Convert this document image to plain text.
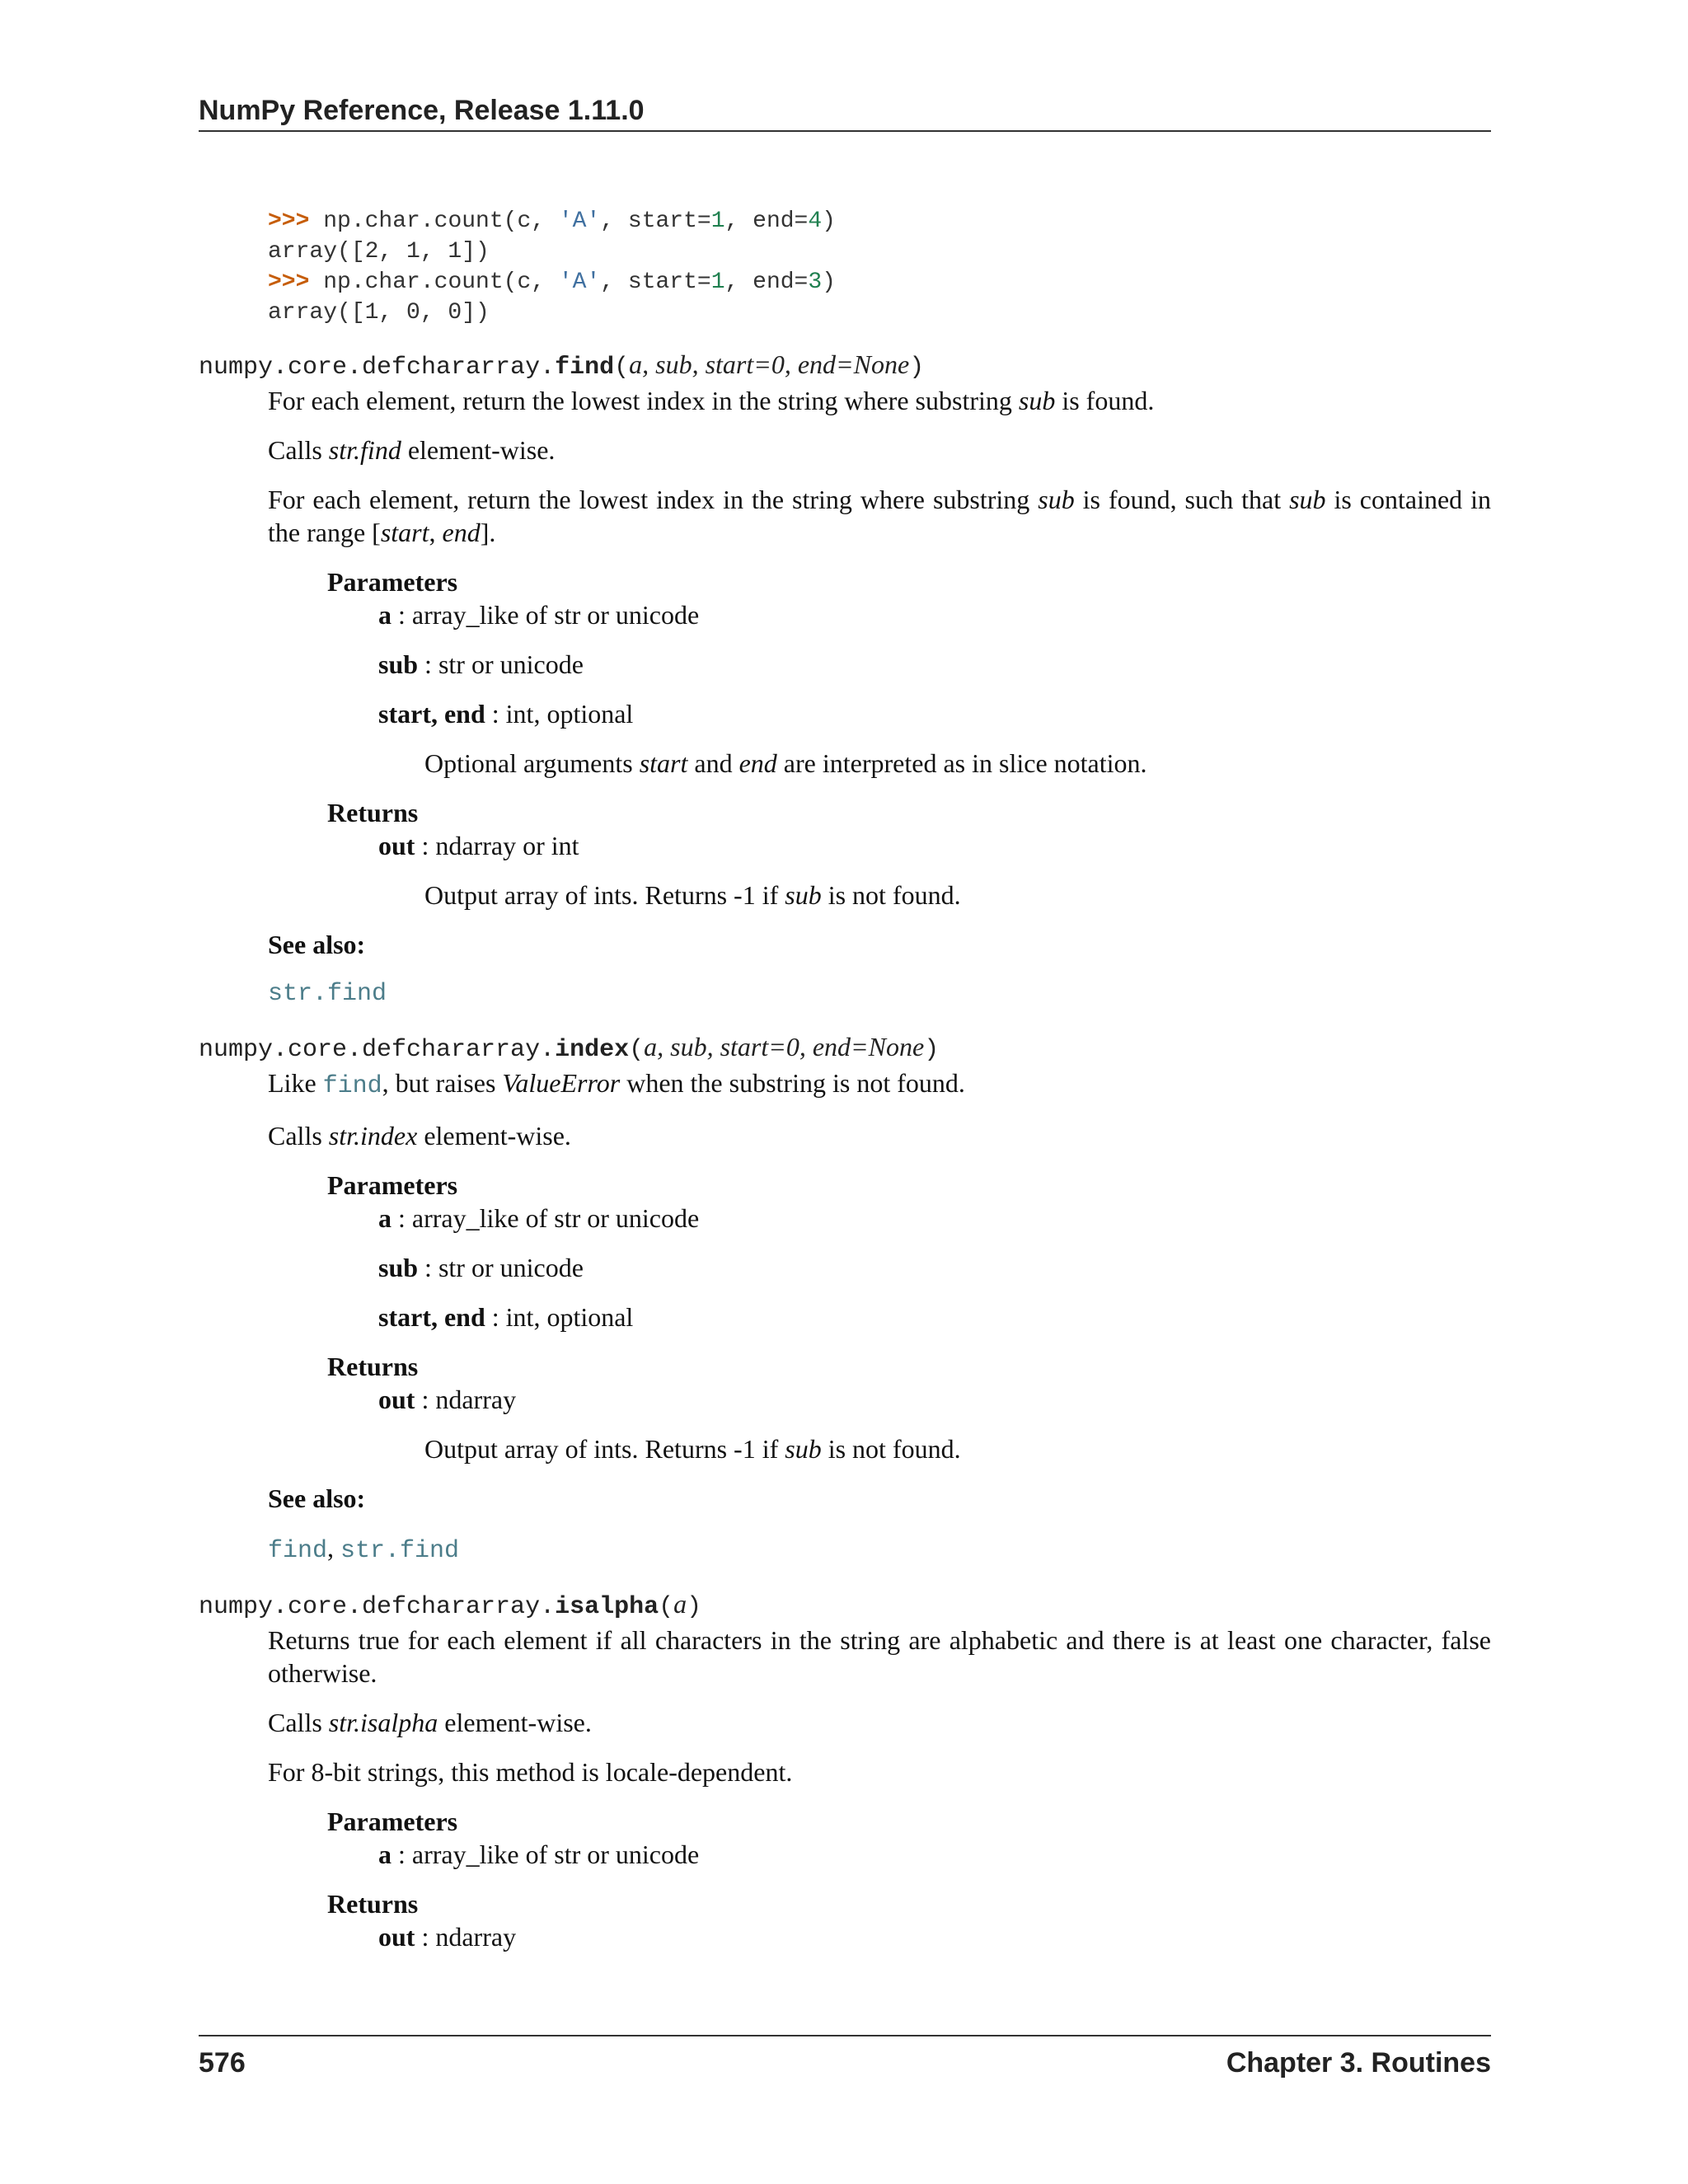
NumPy Reference, Release 1.11.0
>>> np.char.count(c, 'A', start=1, end=4)
array([2, 1, 1])
>>> np.char.count(c, 'A', start=1, end=3)
array([1, 0, 0])
numpy.core.defchararray.find(a, sub, start=0, end=None)
For each element, return the lowest index in the string where substring sub is found.
Calls str.find element-wise.
For each element, return the lowest index in the string where substring sub is found, such that sub is contained in the range [start, end].
Parameters
a : array_like of str or unicode
sub : str or unicode
start, end : int, optional
Optional arguments start and end are interpreted as in slice notation.
Returns
out : ndarray or int
Output array of ints. Returns -1 if sub is not found.
See also:
str.find
numpy.core.defchararray.index(a, sub, start=0, end=None)
Like find, but raises ValueError when the substring is not found.
Calls str.index element-wise.
Parameters
a : array_like of str or unicode
sub : str or unicode
start, end : int, optional
Returns
out : ndarray
Output array of ints. Returns -1 if sub is not found.
See also:
find, str.find
numpy.core.defchararray.isalpha(a)
Returns true for each element if all characters in the string are alphabetic and there is at least one character, false otherwise.
Calls str.isalpha element-wise.
For 8-bit strings, this method is locale-dependent.
Parameters
a : array_like of str or unicode
Returns
out : ndarray
576	Chapter 3. Routines
